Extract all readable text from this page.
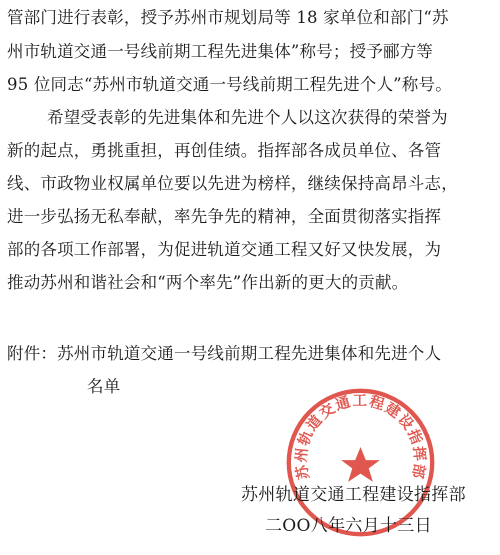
管部门进行表彰，授予苏州市规划局等 18 家单位和部门“苏
州市轨道交通一号线前期工程先进集体”称号；授予郦方等
95 位同志“苏州市轨道交通一号线前期工程先进个人”称号。
希望受表彰的先进集体和先进个人以这次获得的荣誉为
新的起点，勇挑重担，再创佳绩。指挥部各成员单位、各管
线、市政物业权属单位要以先进为榜样，继续保持高昂斗志，
进一步弘扬无私奉献，率先争先的精神，全面贯彻落实指挥
部的各项工作部署，为促进轨道交通工程又好又快发展，为
推动苏州和谐社会和“两个率先”作出新的更大的贡献。
附件：苏州市轨道交通一号线前期工程先进集体和先进个人
名单
苏州轨道交通工程建设指挥部
苏州轨道交通工程建设指挥部
二OO八年六月十三日
